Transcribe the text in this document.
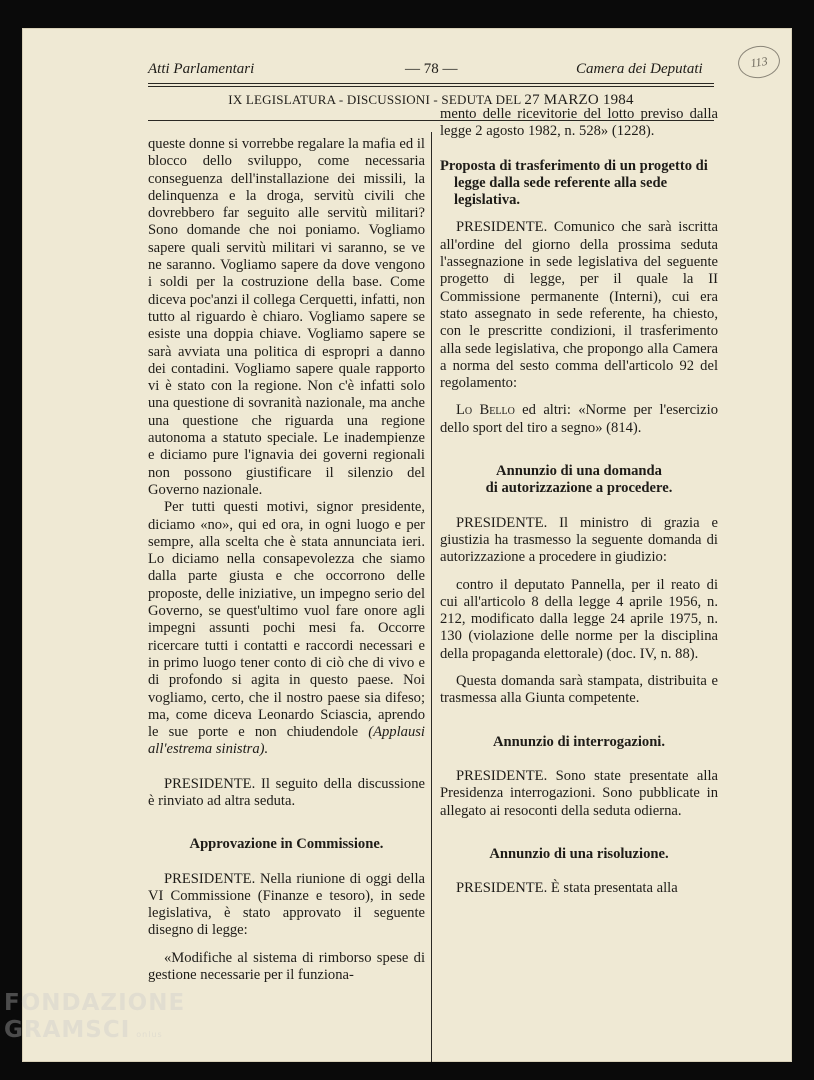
Atti Parlamentari	— 78 —	Camera dei Deputati	113
IX LEGISLATURA - DISCUSSIONI - SEDUTA DEL 27 MARZO 1984

queste donne si vorrebbe regalare la mafia ed il blocco dello sviluppo, come necessaria conseguenza dell'installazione dei missili, la delinquenza e la droga, servitù civili che dovrebbero far seguito alle servitù militari? Sono domande che noi poniamo. Vogliamo sapere quali servitù militari vi saranno, se ve ne saranno. Vogliamo sapere da dove vengono i soldi per la costruzione della base. Come diceva poc'anzi il collega Cerquetti, infatti, non tutto al riguardo è chiaro. Vogliamo sapere se esiste una doppia chiave. Vogliamo sapere se sarà avviata una politica di espropri a danno dei contadini. Vogliamo sapere quale rapporto vi è stato con la regione. Non c'è infatti solo una questione di sovranità nazionale, ma anche una questione che riguarda una regione autonoma a statuto speciale. Le inadempienze e diciamo pure l'ignavia dei governi regionali non possono giustificare il silenzio del Governo nazionale.

Per tutti questi motivi, signor presidente, diciamo «no», qui ed ora, in ogni luogo e per sempre, alla scelta che è stata annunciata ieri. Lo diciamo nella consapevolezza che siamo dalla parte giusta e che occorrono delle proposte, delle iniziative, un impegno serio del Governo, se quest'ultimo vuol fare onore agli impegni assunti pochi mesi fa. Occorre ricercare tutti i contatti e raccordi necessari e in primo luogo tener conto di ciò che di vivo e di profondo si agita in questo paese. Noi vogliamo, certo, che il nostro paese sia difeso; ma, come diceva Leonardo Sciascia, aprendo le sue porte e non chiudendole (Applausi all'estrema sinistra).

PRESIDENTE. Il seguito della discussione è rinviato ad altra seduta.

Approvazione in Commissione.

PRESIDENTE. Nella riunione di oggi della VI Commissione (Finanze e tesoro), in sede legislativa, è stato approvato il seguente disegno di legge:

«Modifiche al sistema di rimborso spese di gestione necessarie per il funziona-

mento delle ricevitorie del lotto previso dalla legge 2 agosto 1982, n. 528» (1228).

Proposta di trasferimento di un progetto di legge dalla sede referente alla sede legislativa.

PRESIDENTE. Comunico che sarà iscritta all'ordine del giorno della prossima seduta l'assegnazione in sede legislativa del seguente progetto di legge, per il quale la II Commissione permanente (Interni), cui era stato assegnato in sede referente, ha chiesto, con le prescritte condizioni, il trasferimento alla sede legislativa, che propongo alla Camera a norma del sesto comma dell'articolo 92 del regolamento:

Lo Bello ed altri: «Norme per l'esercizio dello sport del tiro a segno» (814).

Annunzio di una domanda
di autorizzazione a procedere.

PRESIDENTE. Il ministro di grazia e giustizia ha trasmesso la seguente domanda di autorizzazione a procedere in giudizio:

contro il deputato Pannella, per il reato di cui all'articolo 8 della legge 4 aprile 1956, n. 212, modificato dalla legge 24 aprile 1975, n. 130 (violazione delle norme per la disciplina della propaganda elettorale) (doc. IV, n. 88).

Questa domanda sarà stampata, distribuita e trasmessa alla Giunta competente.

Annunzio di interrogazioni.

PRESIDENTE. Sono state presentate alla Presidenza interrogazioni. Sono pubblicate in allegato ai resoconti della seduta odierna.

Annunzio di una risoluzione.

PRESIDENTE. È stata presentata alla

FONDAZIONE
GRAMSCI onlus
